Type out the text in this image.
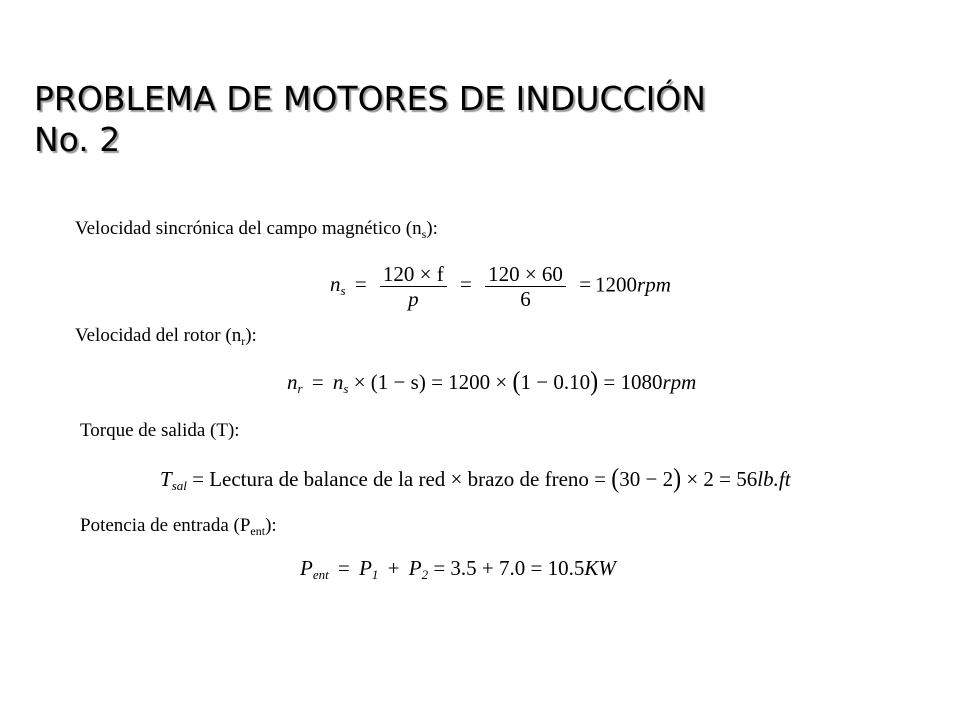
PROBLEMA DE MOTORES DE INDUCCIÓN
No. 2
Velocidad sincrónica del campo magnético $(n_s)$:
$n_s = \frac{120 \times f}{p} = \frac{120 \times 60}{6} = 1200rpm$
Velocidad del rotor $(n_r)$:
$n_r = n_s \times (1 - s) = 1200 \times (1 - 0.10) = 1080rpm$
Torque de salida (T):
$T_{sal}$ = Lectura de balance de la red × brazo de freno = (30 − 2) × 2 = 56lb.ft
Potencia de entrada $(P_{ent})$:
$P_{ent} = P_1 + P_2 = 3.5 + 7.0 = 10.5KW$
